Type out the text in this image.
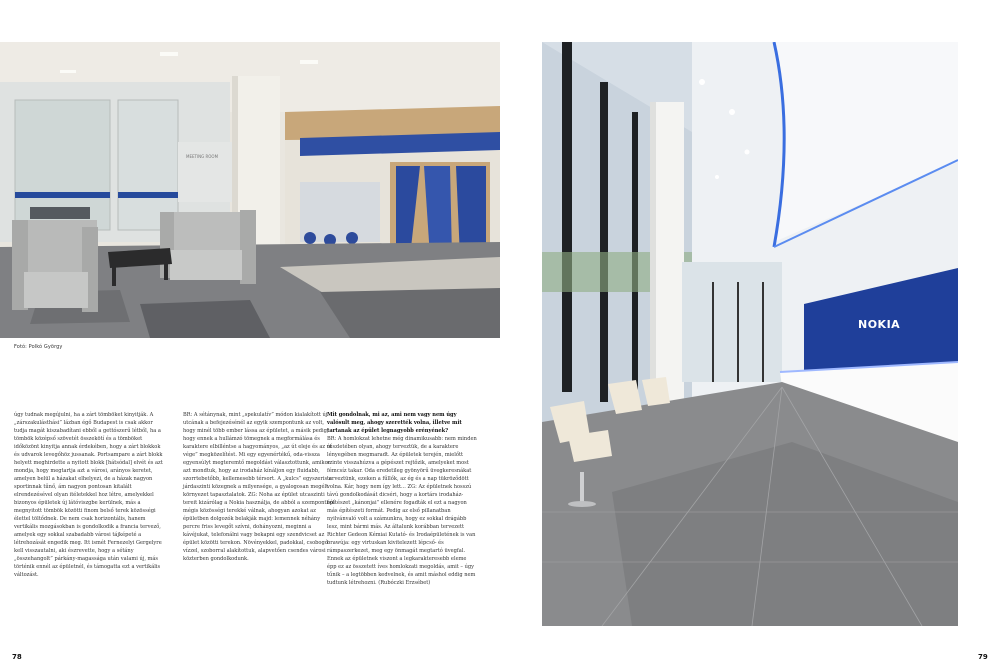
MEETING ROOM
NOKIA
Fotó: Polkó György

úgy tudnak megújulni, ha a zárt tömböket kinyitják. A „zárszakulásthási” lázban égő Budapest is csak akkor tudja magát kiszabadítani ebből a gettószerű létből, ha a tömbök középső szövetét összekötí és a tömböket időközönt kinyitja annak érdekében, hogy a zárt blokkok és udvarok levegőhöz jussanak. Portsampare a zárt blokk helyett meghirdette a nyitott blokk [hátsódal] elvét és azt mondja, hogy megtartja azt a városi, arányos keretet, amelyen belül a házakat elhelyezi, de a házak nagyon sportinnak tűnő, ám nagyon pontosan kitalált elrendezésével olyan itéletekkel hoz létre, amelyekkel bizonyos épületek új látóviszgbe kerülnek, más a megnyitott tömbök közötti finom belső terek közösségi élettel töltődnek. De nem csak horizontális, hanem vertikális mozgásokban is gondolkodik a francia tervező, amelyek egy sokkal szabadabb városi tájképeté a létrehozását engedik meg. Itt ismét Fernezelyi Gergelyre kell visszautalni, aki észrevette, hogy a sétány „összehangolt” párkány-magassága után valami új, más történik ennél az épületnél, és támogatta ezt a vertikális változást.

BR: A sétánynak, mint „spekulatív” módon kialakított új utcának a befejezésénél az egyik szempontunk az volt, hogy minél több ember lássa az épületet, a másik pedig, hogy ennek a hullámzó tömegnek a megformálása és karaktere elbilléntse a hagyományos, „az út eleje és az út vége” megközelítést. Mi egy egyenértékű, oda-vissza egyensúlyt megteremtő megoldást választottunk, amikor azt mondtuk, hogy az irodaház kínáljon egy fluidabb, szorrtebetőbb, kellemesebb térsort. A „kulcs” egyszeris a járdaszinti közegnek a milyensége, a gyalogosan megélt környezet tapasztalatok. ZG: Noha az épület utcaszinti tereit kizárólag a Nokia használja, de abból a szempontból mégis közösségi terekké válnak, ahogyan azokat az épületben dolgozók belakják majd: lemennek néhány percre friss levegőt szívni, dohányozni, meginni a kávéjukat, telefonálni vagy bekapni egy szendvicset az épület közötti terekon. Növényekkel, padokkal, csobogó vízzel, szoborral alakítottuk, alapvetően csendes városi közterben gondolkodunk.

Mit gondolnak, mi az, ami nem vagy nem úgy valósult meg, ahogy szerették volna, illetve mit tartanak az épület legnagyobb erényének?

BR: A homlokzat lehetne még dinamikusabb: nem minden részletében olyan, ahogy terveztük, de a karaktere lényegében megmaradt. Az épületek terején, mielőtt szinte visszahúzva a gépészet rejtőzik, amelyeket most fémcsíz takar. Oda eredetileg gyönyörű üvegkeresnákat terveztünk, ezeken a fűllők, az ég és a nap tükröződött volna. Kár, hogy nem így lett... ZG: Az épületnek hosszú távú gondolkodását dicséri, hogy a kortárs irodaház-építészet „kánonjai” ellenére fogadták el ezt a nagyon más építészeti formát. Pedig az első pillanatban nyilvánvaló volt a számunkra, hogy ez sokkal drágább lesz, mint bármi más. Az általunk korábban tervezett Richter Gedeon Kémiai Kutató- és Irodaépületének is van brawúja: egy virtuskan kivitelezett lépcső- és rámpaszerkezet, meg egy önmagát megtartó üvegfal. Ennek az épületnek viszont a legkarakteresebb eleme épp ez az összetett íves homlokzati megoldás, amit – úgy tűnik – a legtöbben kedvelnek, és amit máshol eddig nem tudtunk létrehozni. (Rubóczki Erzsébet)

78	79
